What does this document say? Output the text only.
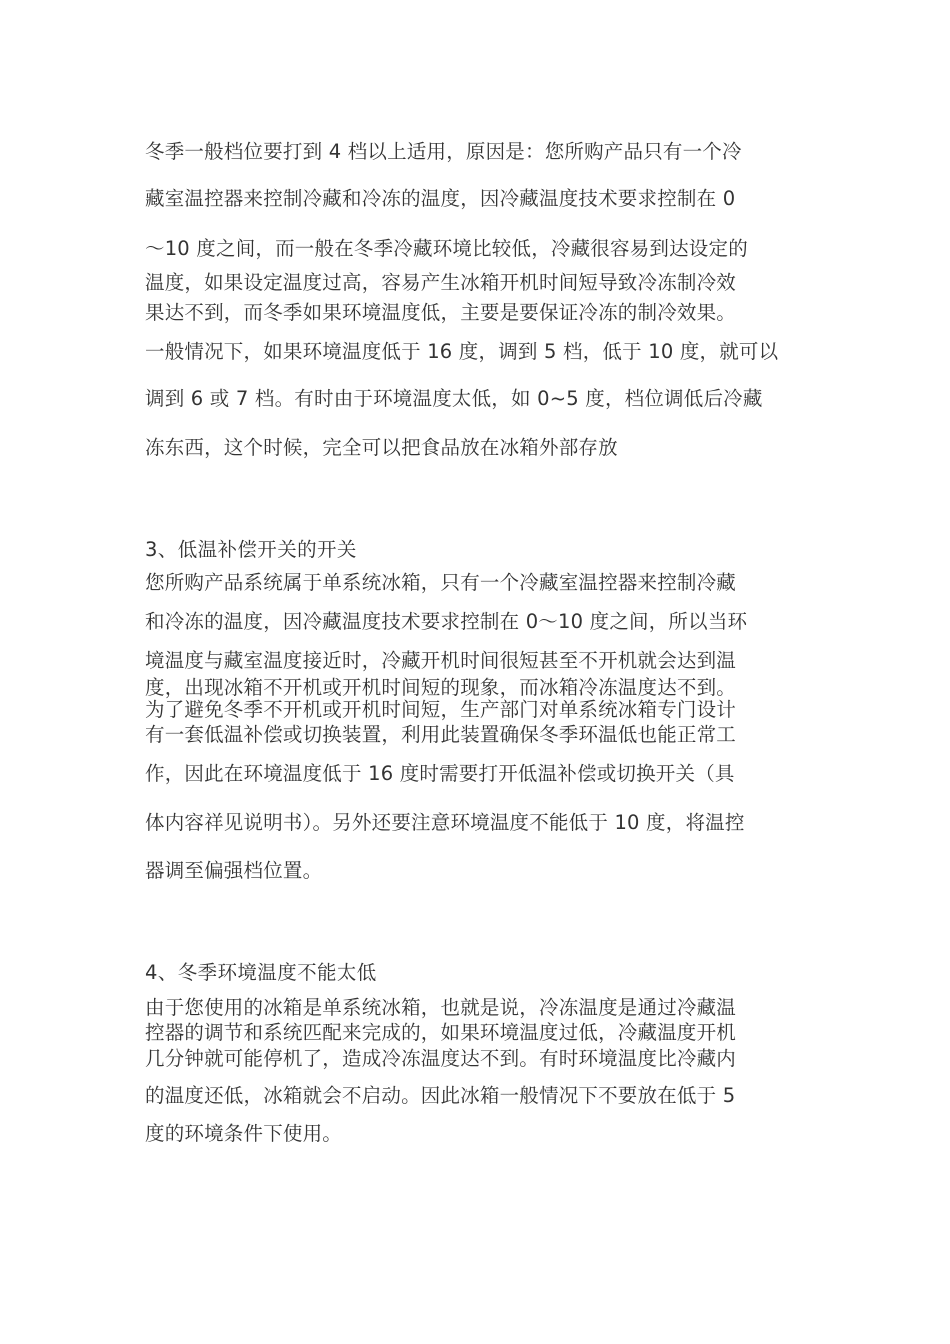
冬季一般档位要打到 4 档以上适用，原因是：您所购产品只有一个冷
藏室温控器来控制冷藏和冷冻的温度，因冷藏温度技术要求控制在 0
～10 度之间，而一般在冬季冷藏环境比较低，冷藏很容易到达设定的
温度，如果设定温度过高，容易产生冰箱开机时间短导致冷冻制冷效
果达不到，而冬季如果环境温度低，主要是要保证冷冻的制冷效果。
一般情况下，如果环境温度低于 16 度，调到 5 档，低于 10 度，就可以
调到 6 或 7 档。有时由于环境温度太低，如 0~5 度，档位调低后冷藏
冻东西，这个时候，完全可以把食品放在冰箱外部存放
3、低温补偿开关的开关
您所购产品系统属于单系统冰箱，只有一个冷藏室温控器来控制冷藏
和冷冻的温度，因冷藏温度技术要求控制在 0～10 度之间，所以当环
境温度与藏室温度接近时，冷藏开机时间很短甚至不开机就会达到温
度，出现冰箱不开机或开机时间短的现象，而冰箱冷冻温度达不到。
为了避免冬季不开机或开机时间短，生产部门对单系统冰箱专门设计
有一套低温补偿或切换装置，利用此装置确保冬季环温低也能正常工
作，因此在环境温度低于 16 度时需要打开低温补偿或切换开关（具
体内容祥见说明书）。另外还要注意环境温度不能低于 10 度，将温控
器调至偏强档位置。
4、冬季环境温度不能太低
由于您使用的冰箱是单系统冰箱，也就是说，冷冻温度是通过冷藏温
控器的调节和系统匹配来完成的，如果环境温度过低，冷藏温度开机
几分钟就可能停机了，造成冷冻温度达不到。有时环境温度比冷藏内
的温度还低，冰箱就会不启动。因此冰箱一般情况下不要放在低于 5
度的环境条件下使用。
